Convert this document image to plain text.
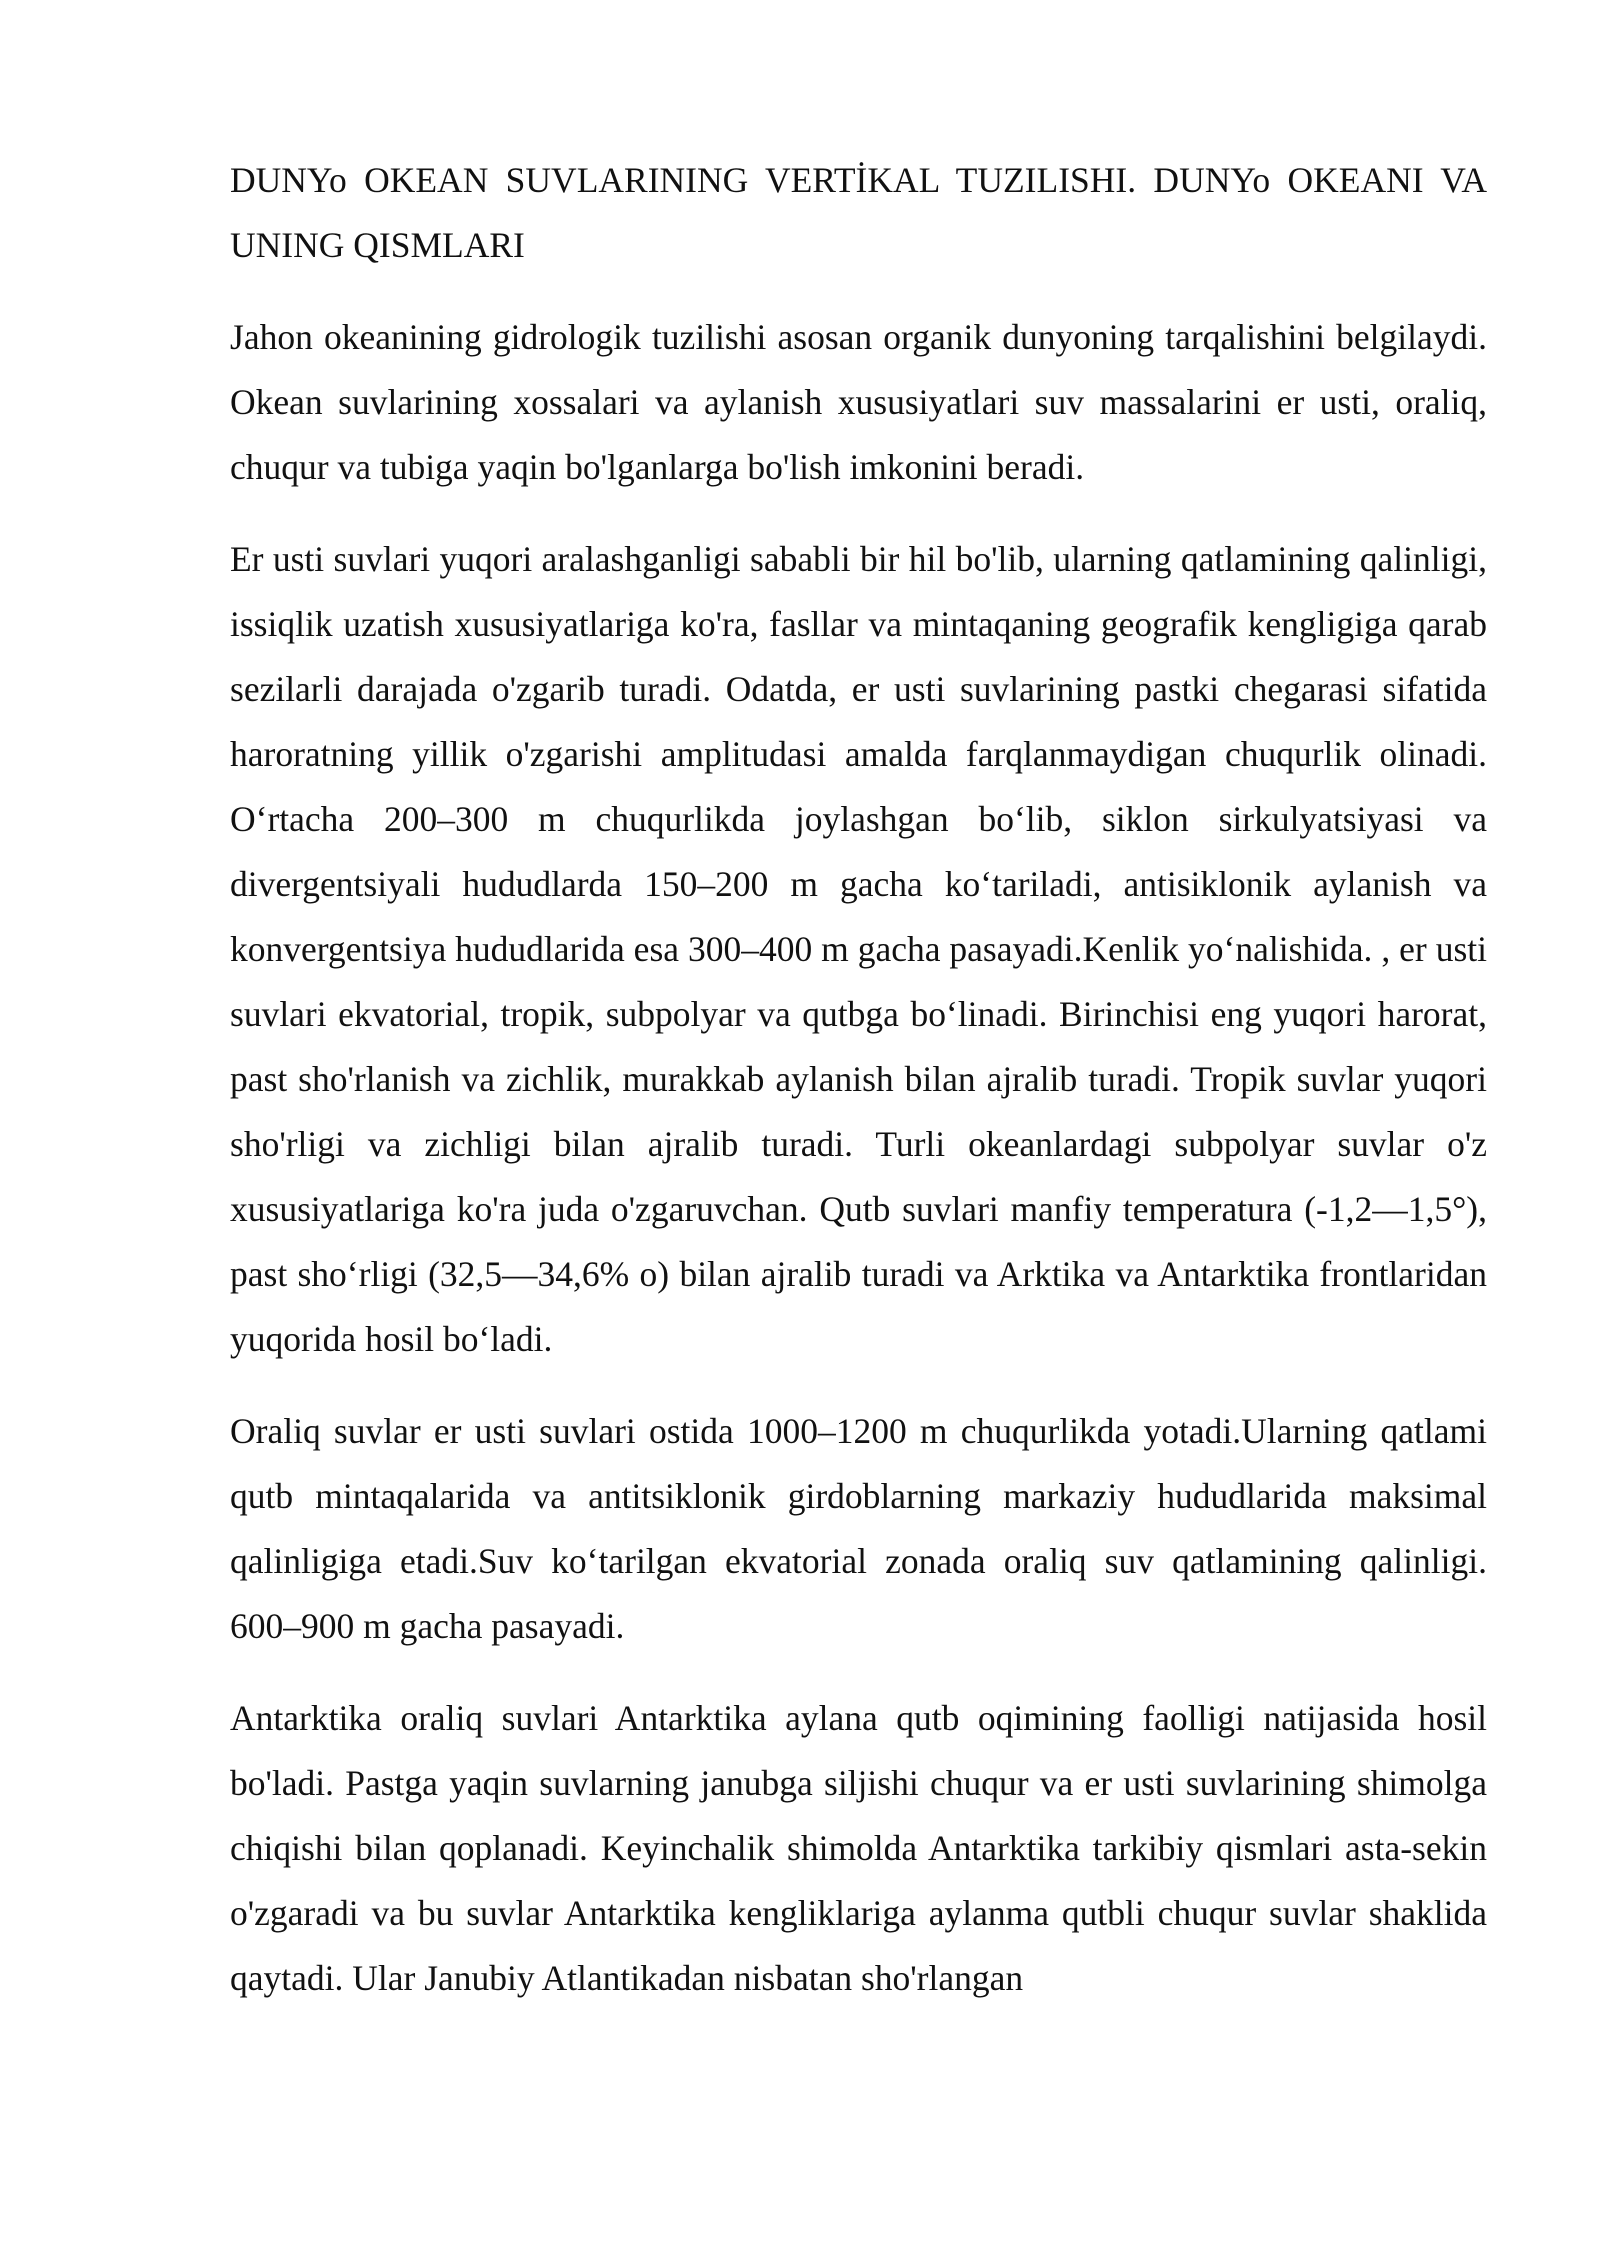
DUNYo OKEAN SUVLARINING VERTİKAL TUZILISHI. DUNYo OKEANI VA UNING QISMLARI

Jahon okeanining gidrologik tuzilishi asosan organik dunyoning tarqalishini belgilaydi. Okean suvlarining xossalari va aylanish xususiyatlari suv massalarini er usti, oraliq, chuqur va tubiga yaqin bo'lganlarga bo'lish imkonini beradi.

Er usti suvlari yuqori aralashganligi sababli bir hil bo'lib, ularning qatlamining qalinligi, issiqlik uzatish xususiyatlariga ko'ra, fasllar va mintaqaning geografik kengligiga qarab sezilarli darajada o'zgarib turadi. Odatda, er usti suvlarining pastki chegarasi sifatida haroratning yillik o'zgarishi amplitudasi amalda farqlanmaydigan chuqurlik olinadi. O‘rtacha 200–300 m chuqurlikda joylashgan bo‘lib, siklon sirkulyatsiyasi va divergentsiyali hududlarda 150–200 m gacha ko‘tariladi, antisiklonik aylanish va konvergentsiya hududlarida esa 300–400 m gacha pasayadi.Kenlik yo‘nalishida. , er usti suvlari ekvatorial, tropik, subpolyar va qutbga bo‘linadi. Birinchisi eng yuqori harorat, past sho'rlanish va zichlik, murakkab aylanish bilan ajralib turadi. Tropik suvlar yuqori sho'rligi va zichligi bilan ajralib turadi. Turli okeanlardagi subpolyar suvlar o'z xususiyatlariga ko'ra juda o'zgaruvchan. Qutb suvlari manfiy temperatura (-1,2—1,5°), past sho‘rligi (32,5—34,6% o) bilan ajralib turadi va Arktika va Antarktika frontlaridan yuqorida hosil bo‘ladi.

Oraliq suvlar er usti suvlari ostida 1000–1200 m chuqurlikda yotadi.Ularning qatlami qutb mintaqalarida va antitsiklonik girdoblarning markaziy hududlarida maksimal qalinligiga etadi.Suv ko‘tarilgan ekvatorial zonada oraliq suv qatlamining qalinligi. 600–900 m gacha pasayadi.

Antarktika oraliq suvlari Antarktika aylana qutb oqimining faolligi natijasida hosil bo'ladi. Pastga yaqin suvlarning janubga siljishi chuqur va er usti suvlarining shimolga chiqishi bilan qoplanadi. Keyinchalik shimolda Antarktika tarkibiy qismlari asta-sekin o'zgaradi va bu suvlar Antarktika kengliklariga aylanma qutbli chuqur suvlar shaklida qaytadi. Ular Janubiy Atlantikadan nisbatan sho'rlangan
